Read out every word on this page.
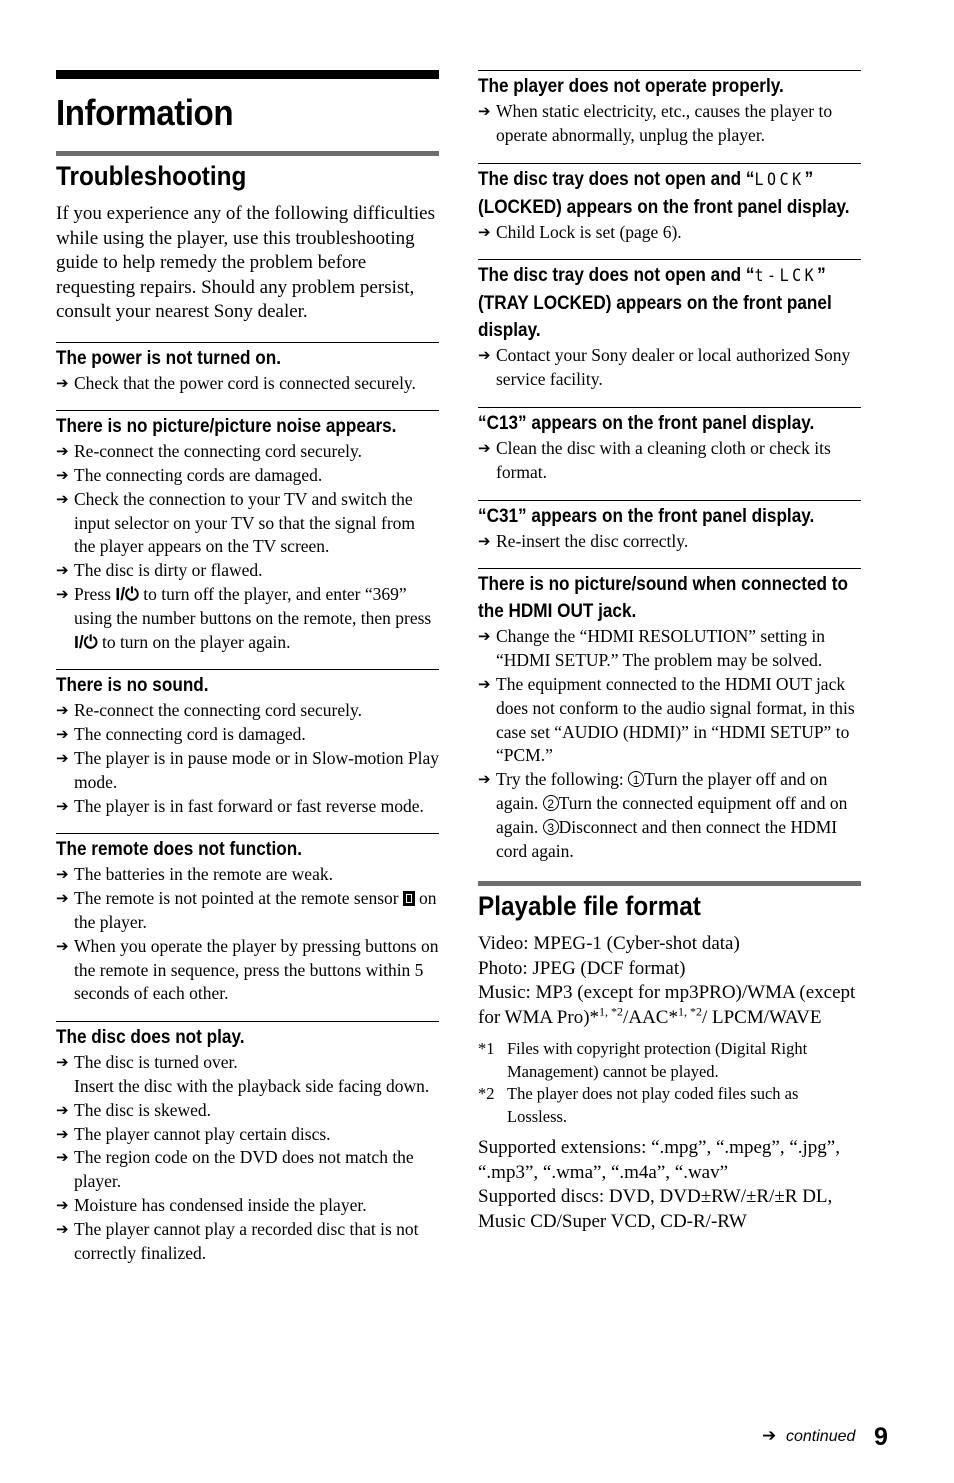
Information
Troubleshooting

If you experience any of the following difficulties while using the player, use this troubleshooting guide to help remedy the problem before requesting repairs. Should any problem persist, consult your nearest Sony dealer.

The power is not turned on.
➔ Check that the power cord is connected securely.
There is no picture/picture noise appears.
➔ Re-connect the connecting cord securely.
➔ The connecting cords are damaged.
➔ Check the connection to your TV and switch the input selector on your TV so that the signal from the player appears on the TV screen.
➔ The disc is dirty or flawed.
➔ Press I/⏻ to turn off the player, and enter “369” using the number buttons on the remote, then press I/⏻ to turn on the player again.
There is no sound.
➔ Re-connect the connecting cord securely.
➔ The connecting cord is damaged.
➔ The player is in pause mode or in Slow-motion Play mode.
➔ The player is in fast forward or fast reverse mode.
The remote does not function.
➔ The batteries in the remote are weak.
➔ The remote is not pointed at the remote sensor on the player.
➔ When you operate the player by pressing buttons on the remote in sequence, press the buttons within 5 seconds of each other.
The disc does not play.
➔ The disc is turned over.
Insert the disc with the playback side facing down.
➔ The disc is skewed.
➔ The player cannot play certain discs.
➔ The region code on the DVD does not match the player.
➔ Moisture has condensed inside the player.
➔ The player cannot play a recorded disc that is not correctly finalized.
The player does not operate properly.
➔ When static electricity, etc., causes the player to operate abnormally, unplug the player.
The disc tray does not open and “LOCK” (LOCKED) appears on the front panel display.
➔ Child Lock is set (page 6).
The disc tray does not open and “t-LCK” (TRAY LOCKED) appears on the front panel display.
➔ Contact your Sony dealer or local authorized Sony service facility.
“C13” appears on the front panel display.
➔ Clean the disc with a cleaning cloth or check its format.
“C31” appears on the front panel display.
➔ Re-insert the disc correctly.
There is no picture/sound when connected to the HDMI OUT jack.
➔ Change the “HDMI RESOLUTION” setting in “HDMI SETUP.” The problem may be solved.
➔ The equipment connected to the HDMI OUT jack does not conform to the audio signal format, in this case set “AUDIO (HDMI)” in “HDMI SETUP” to “PCM.”
➔ Try the following: 1 Turn the player off and on again. 2 Turn the connected equipment off and on again. 3 Disconnect and then connect the HDMI cord again.
Playable file format

Video: MPEG-1 (Cyber-shot data)

Photo: JPEG (DCF format)

Music: MP3 (except for mp3PRO)/WMA (except for WMA Pro)*$^{1, *2}$/AAC*$^{1, *2}$/ LPCM/WAVE

*1 Files with copyright protection (Digital Right Management) cannot be played.
*2 The player does not play coded files such as Lossless.

Supported extensions: “.mpg”, “.mpeg”, “.jpg”, “.mp3”, “.wma”, “.m4a”, “.wav”

Supported discs: DVD, DVD±RW/±R/±R DL, Music CD/Super VCD, CD-R/-RW

➔ continued 9
